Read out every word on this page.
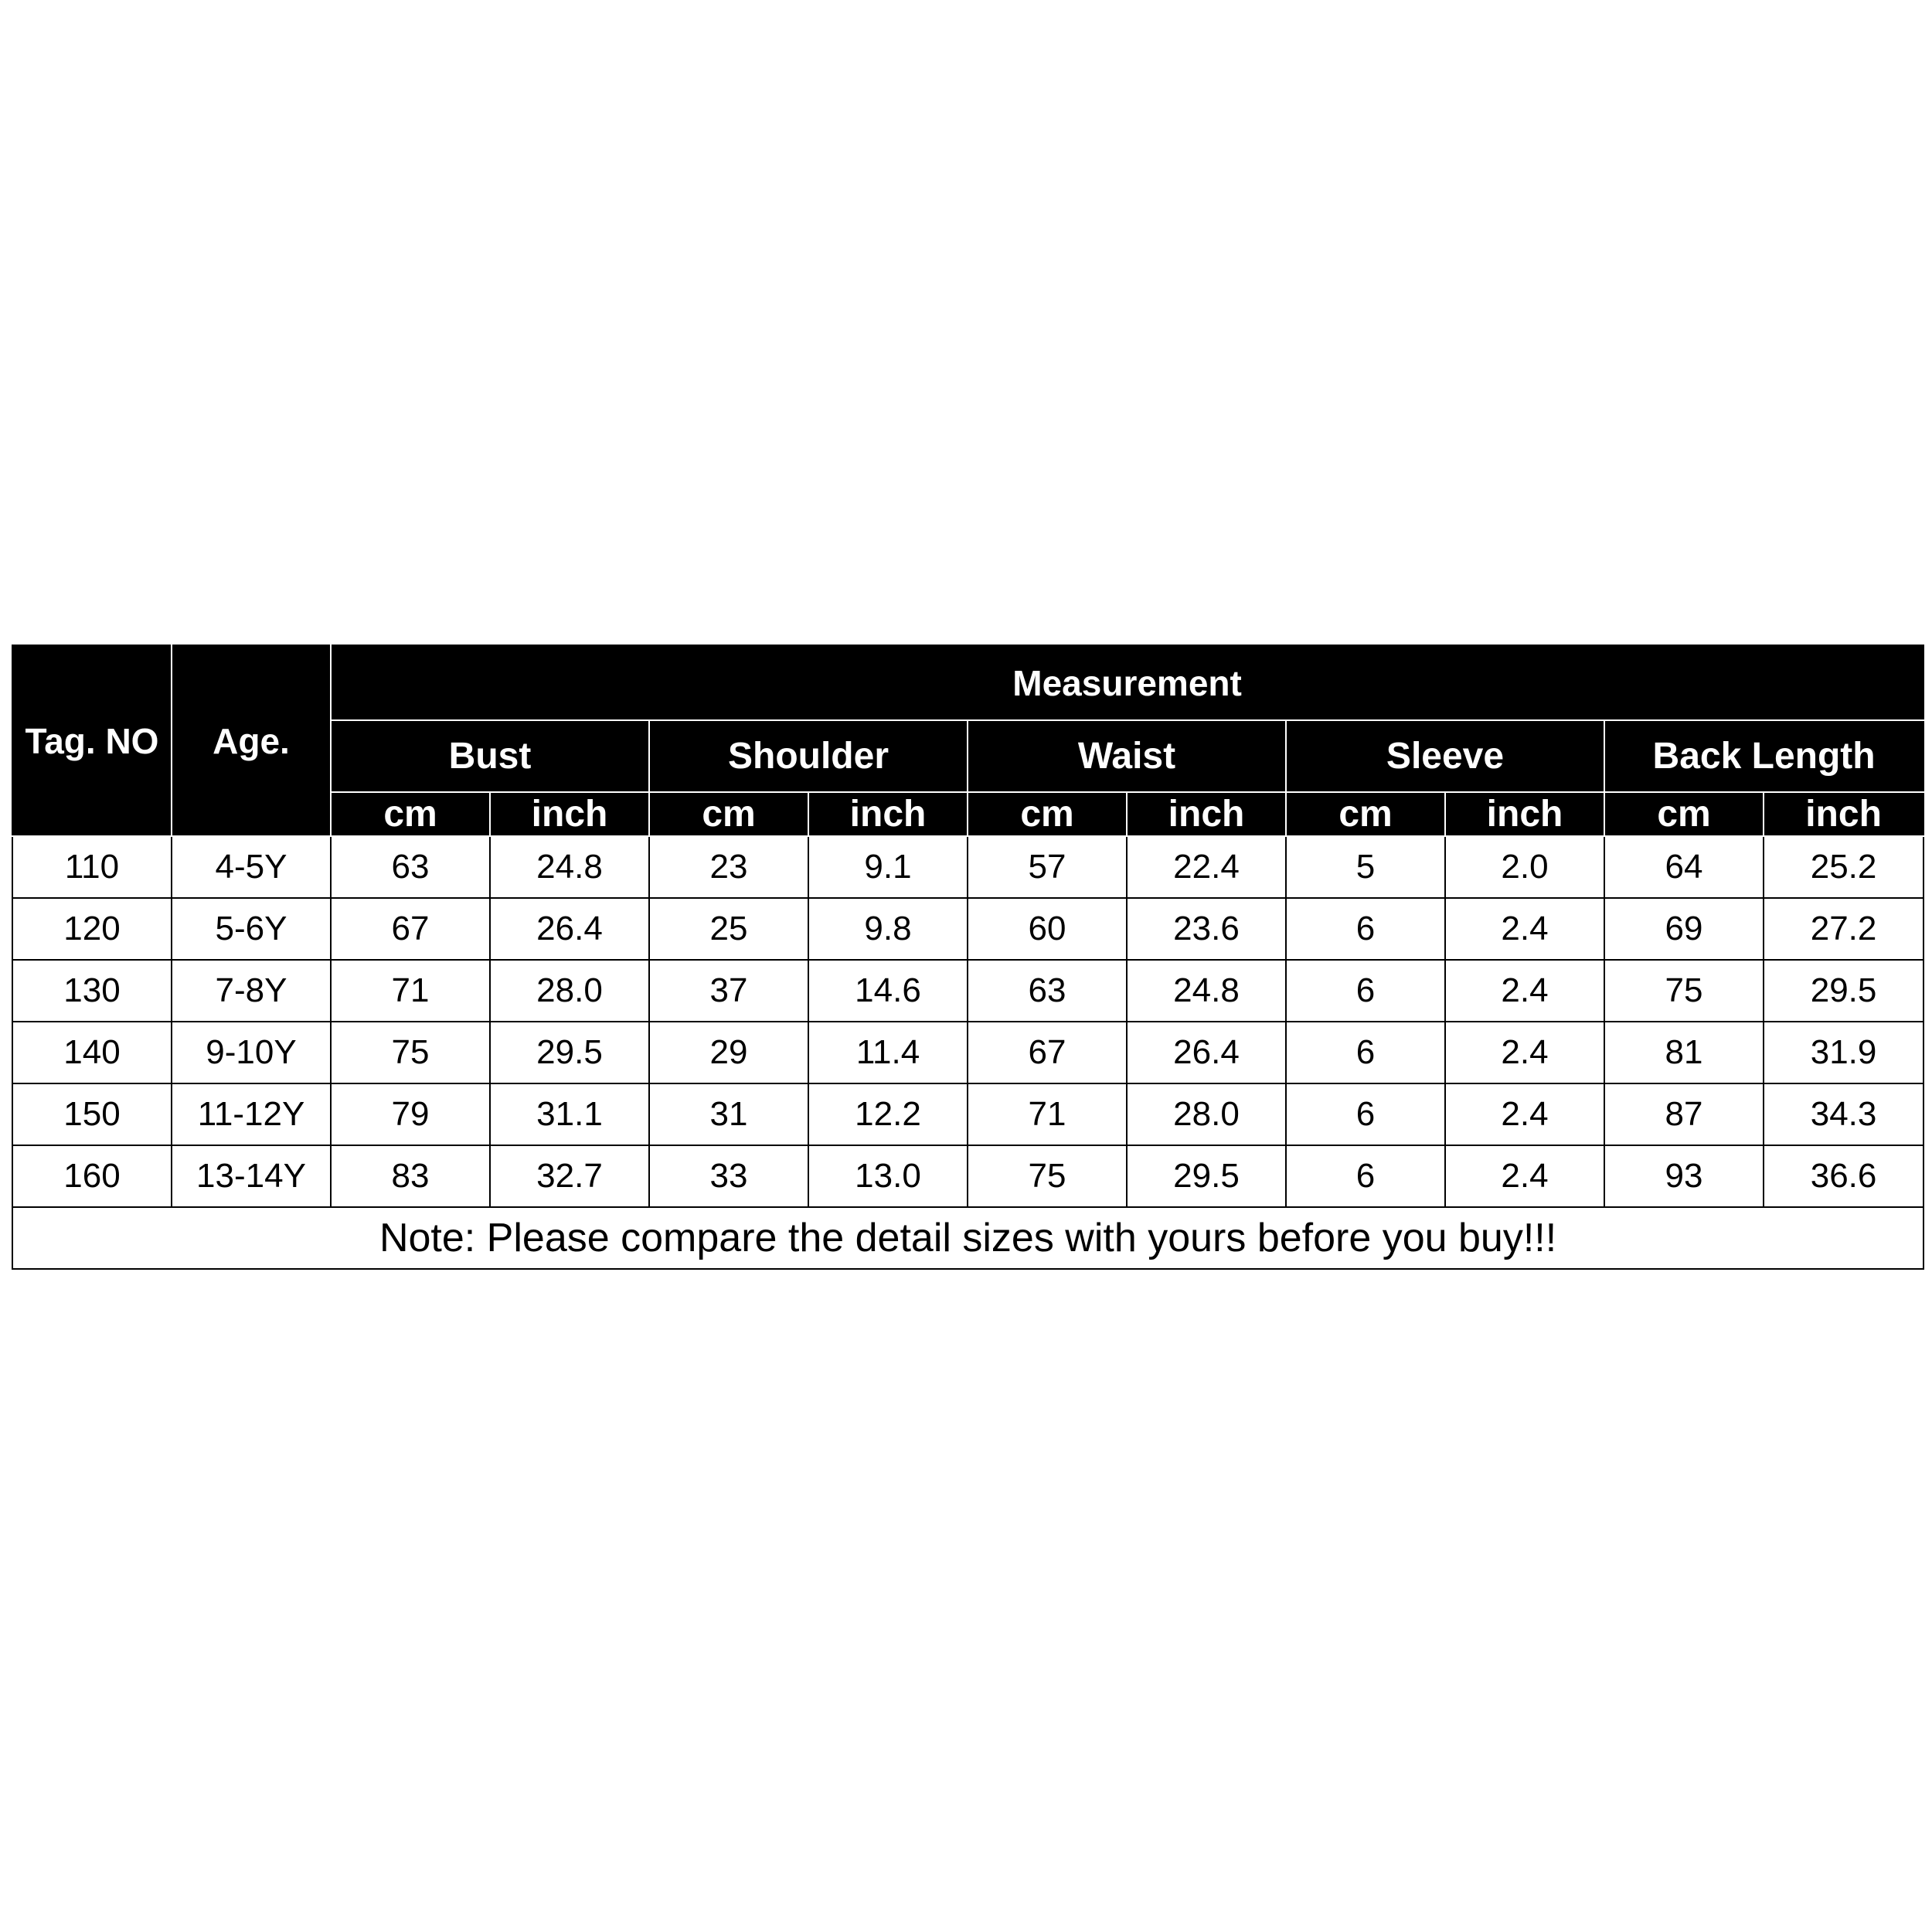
Tag. NO	Age.	Measurement									
		Bust		Shoulder		Waist		Sleeve		Back Length	
		cm	inch	cm	inch	cm	inch	cm	inch	cm	inch
110	4-5Y	63	24.8	23	9.1	57	22.4	5	2.0	64	25.2
120	5-6Y	67	26.4	25	9.8	60	23.6	6	2.4	69	27.2
130	7-8Y	71	28.0	37	14.6	63	24.8	6	2.4	75	29.5
140	9-10Y	75	29.5	29	11.4	67	26.4	6	2.4	81	31.9
150	11-12Y	79	31.1	31	12.2	71	28.0	6	2.4	87	34.3
160	13-14Y	83	32.7	33	13.0	75	29.5	6	2.4	93	36.6
Note: Please compare the detail sizes with yours before you buy!!!											
